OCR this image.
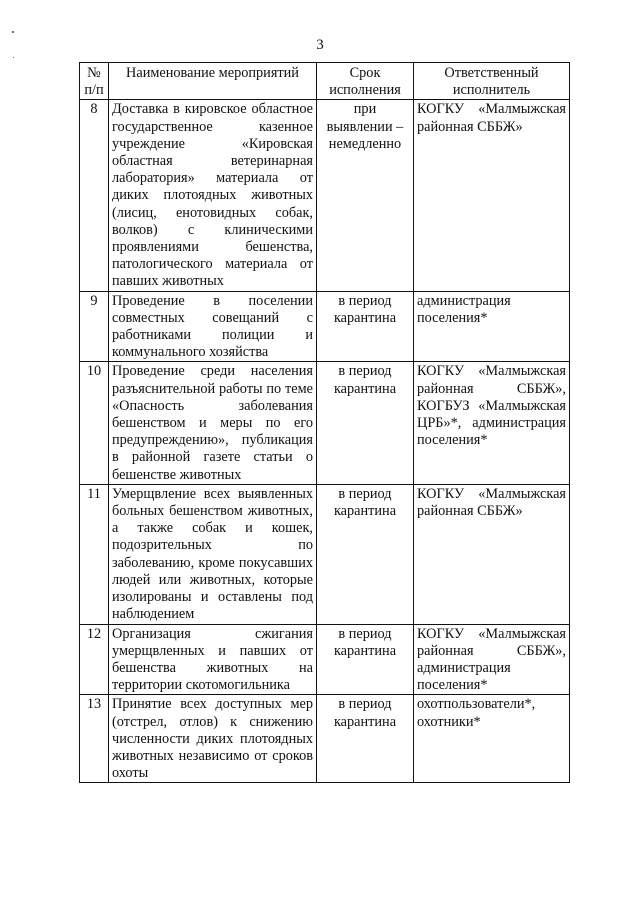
3
№ п/п	Наименование мероприятий	Срок исполнения	Ответственный исполнитель
8	Доставка в кировское областное государственное казенное учреждение «Кировская областная ветеринарная лаборатория» материала от диких плотоядных животных (лисиц, енотовидных собак, волков) с клиническими проявлениями бешенства, патологического материала от павших животных	при выявлении – немедленно	КОГКУ «Малмыжская районная СББЖ»
9	Проведение в поселении совместных совещаний с работниками полиции и коммунального хозяйства	в период карантина	администрация поселения*
10	Проведение среди населения разъяснительной работы по теме «Опасность заболевания бешенством и меры по его предупреждению», публикация в районной газете статьи о бешенстве животных	в период карантина	КОГКУ «Малмыжская районная СББЖ», КОГБУЗ «Малмыжская ЦРБ»*, администрация поселения*
11	Умерщвление всех выявленных больных бешенством животных, а также собак и кошек, подозрительных по заболеванию, кроме покусавших людей или животных, которые изолированы и оставлены под наблюдением	в период карантина	КОГКУ «Малмыжская районная СББЖ»
12	Организация сжигания умерщвленных и павших от бешенства животных на территории скотомогильника	в период карантина	КОГКУ «Малмыжская районная СББЖ», администрация поселения*
13	Принятие всех доступных мер (отстрел, отлов) к снижению численности диких плотоядных животных независимо от сроков охоты	в период карантина	охотпользователи*, охотники*
